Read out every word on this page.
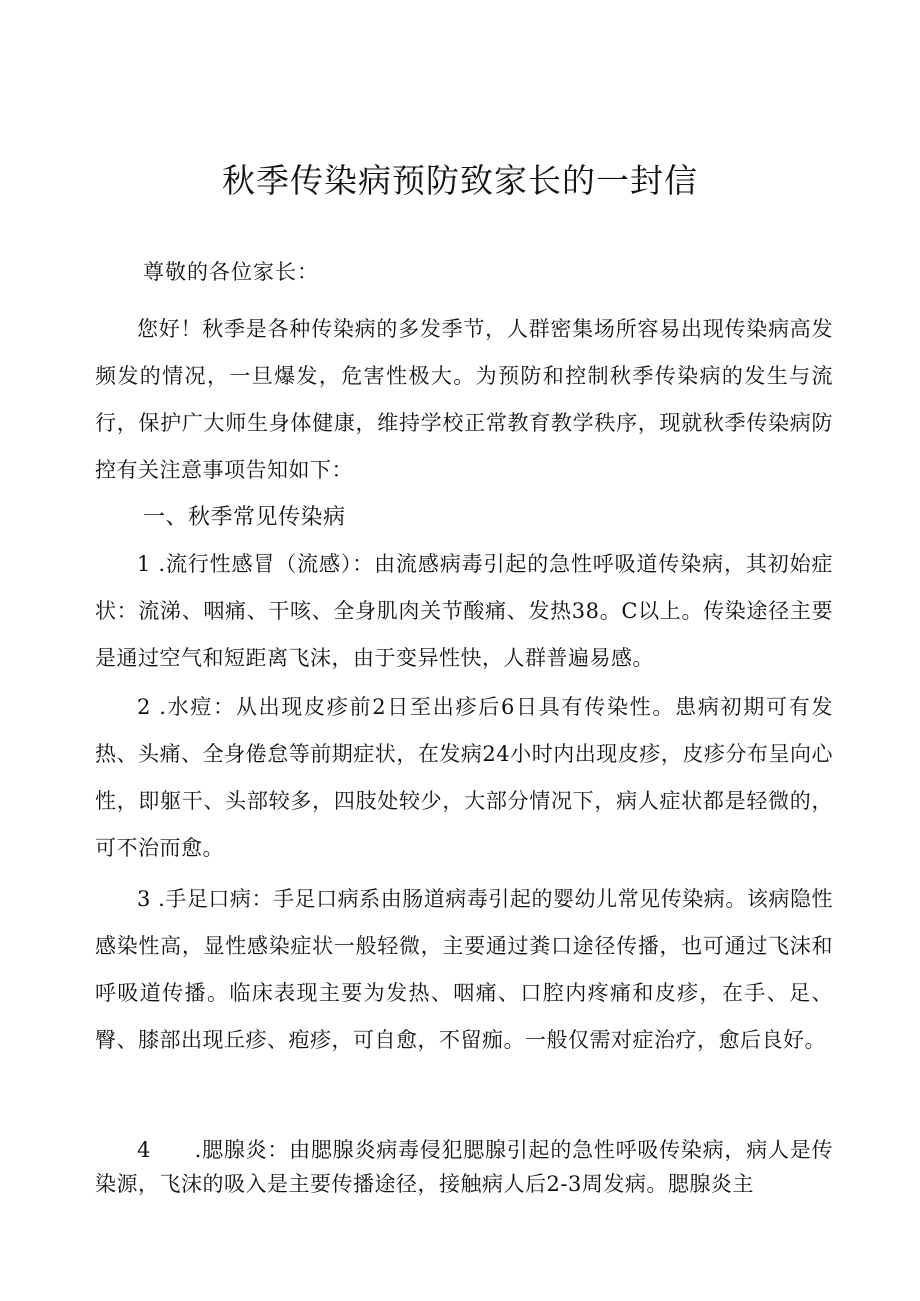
秋季传染病预防致家长的一封信

尊敬的各位家长：

您好！秋季是各种传染病的多发季节，人群密集场所容易出现传染病高发频发的情况，一旦爆发，危害性极大。为预防和控制秋季传染病的发生与流行，保护广大师生身体健康，维持学校正常教育教学秩序，现就秋季传染病防控有关注意事项告知如下：

一、秋季常见传染病

1 .流行性感冒（流感）：由流感病毒引起的急性呼吸道传染病，其初始症状：流涕、咽痛、干咳、全身肌肉关节酸痛、发热38。C以上。传染途径主要是通过空气和短距离飞沫，由于变异性快，人群普遍易感。

2 .水痘：从出现皮疹前2日至出疹后6日具有传染性。患病初期可有发热、头痛、全身倦怠等前期症状，在发病24小时内出现皮疹，皮疹分布呈向心性，即躯干、头部较多，四肢处较少，大部分情况下，病人症状都是轻微的，可不治而愈。

3 .手足口病：手足口病系由肠道病毒引起的婴幼儿常见传染病。该病隐性感染性高，显性感染症状一般轻微，主要通过粪口途径传播，也可通过飞沫和呼吸道传播。临床表现主要为发热、咽痛、口腔内疼痛和皮疹，在手、足、臀、膝部出现丘疹、疱疹，可自愈，不留痂。一般仅需对症治疗，愈后良好。

4　　.腮腺炎：由腮腺炎病毒侵犯腮腺引起的急性呼吸传染病，病人是传染源，飞沫的吸入是主要传播途径，接触病人后2-3周发病。腮腺炎主
